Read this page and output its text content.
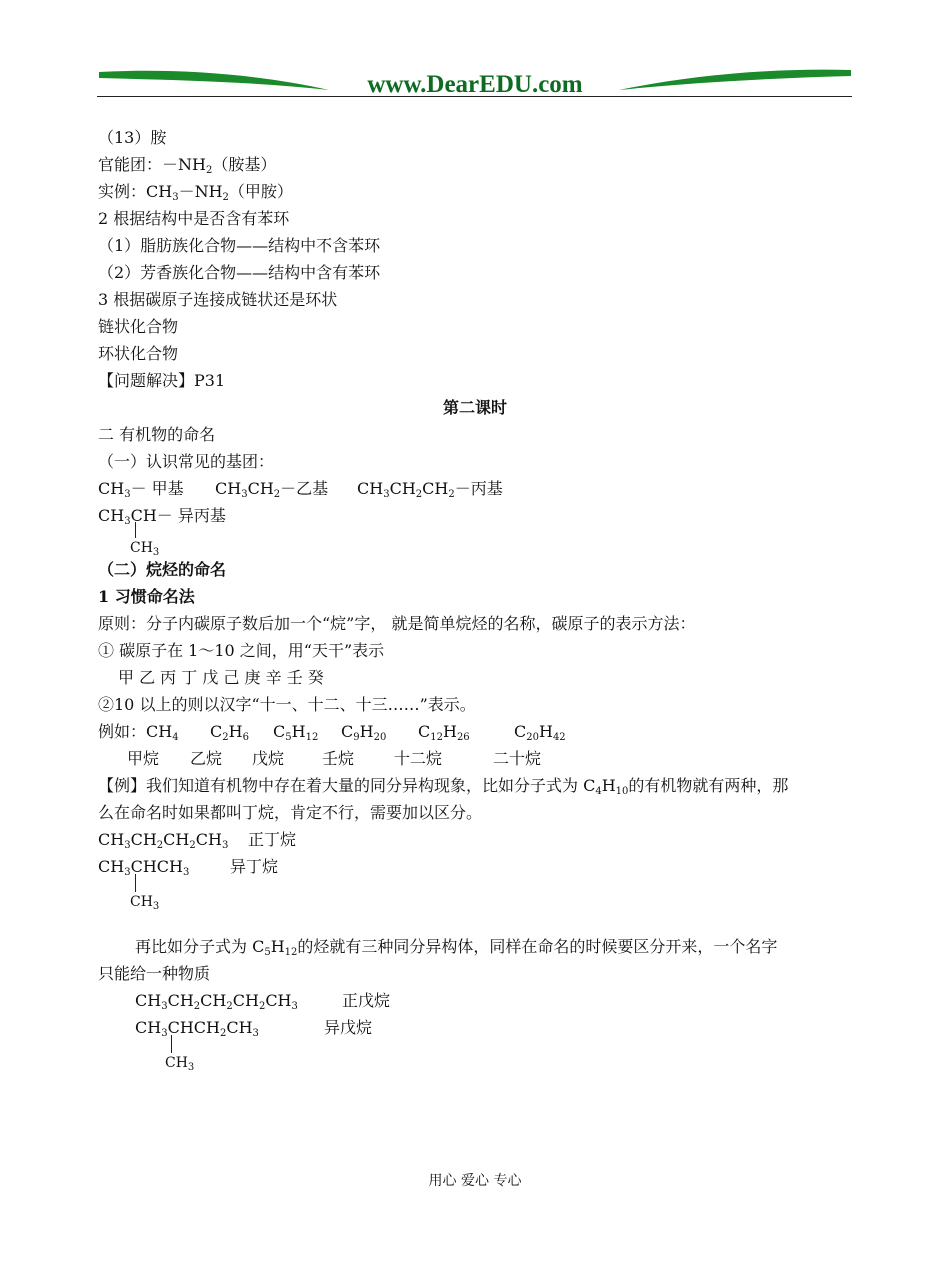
www.DearEDU.com
（13）胺
官能团：$-NH_2$（胺基）
实例：$CH_3-NH_2$（甲胺）
2 根据结构中是否含有苯环
（1）脂肪族化合物——结构中不含苯环
（2）芳香族化合物——结构中含有苯环
3 根据碳原子连接成链状还是环状
链状化合物
环状化合物
【问题解决】P31
第二课时
二 有机物的命名
（一）认识常见的基团：
$CH_3-$ 甲基 $CH_3CH_2-$乙基 $CH_3CH_2CH_2-$丙基
$CH_3CH-$ 异丙基
$CH_3$
（二）烷烃的命名
1 习惯命名法
原则：分子内碳原子数后加一个“烷”字， 就是简单烷烃的名称，碳原子的表示方法：
① 碳原子在 1～10 之间，用“天干”表示
甲 乙 丙 丁 戊 己 庚 辛 壬 癸
②10 以上的则以汉字“十一、十二、十三……”表示。
例如：$CH_4$ $C_2H_6$ $C_5H_{12}$ $C_9H_{20}$ $C_{12}H_{26}$	$C_{20}H_{42}$
甲烷 乙烷 戊烷 壬烷 十二烷	二十烷
【例】我们知道有机物中存在着大量的同分异构现象，比如分子式为 $C_4H_{10}$的有机物就有两种，那
么在命名时如果都叫丁烷，肯定不行，需要加以区分。
$CH_3CH_2CH_2CH_3$ 正丁烷
$CH_3CHCH_3$	异丁烷
$CH_3$
再比如分子式为 $C_5H_{12}$的烃就有三种同分异构体，同样在命名的时候要区分开来，一个名字
只能给一种物质
$CH_3CH_2CH_2CH_2CH_3$	正戊烷
$CH_3CHCH_2CH_3$	异戊烷
$CH_3$
用心 爱心 专心
